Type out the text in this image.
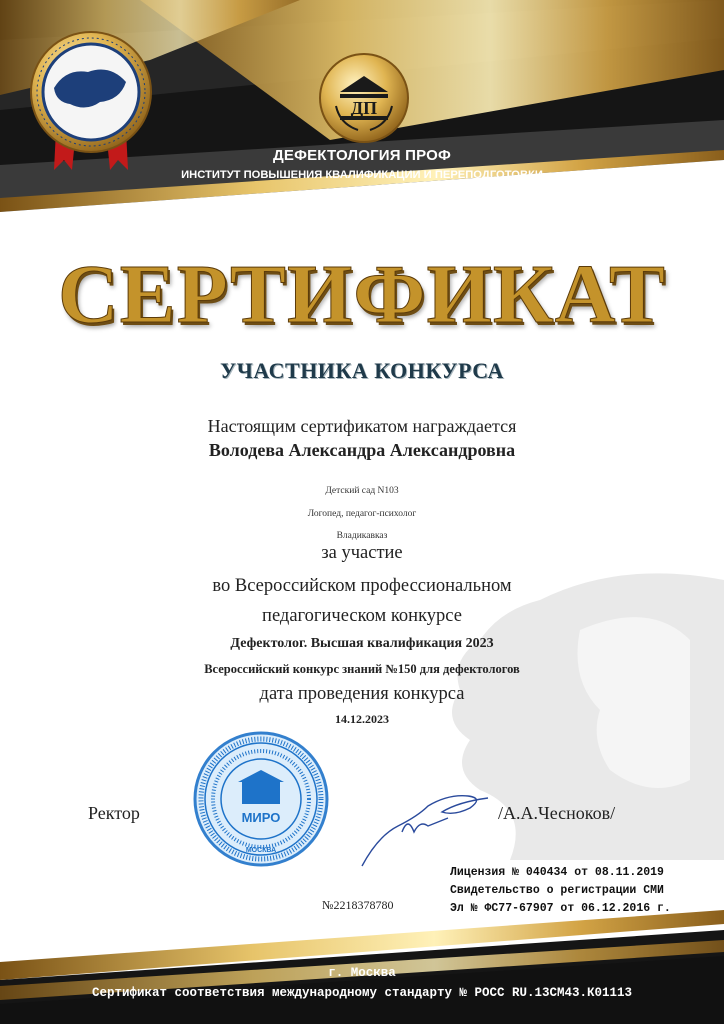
ДП
ДЕФЕКТОЛОГИЯ ПРОФ
ИНСТИТУТ ПОВЫШЕНИЯ КВАЛИФИКАЦИИ И ПЕРЕПОДГОТОВКИ
СЕРТИФИКАТ
УЧАСТНИКА КОНКУРСА
Настоящим сертификатом награждается
Володева Александра Александровна
Детский сад N103
Логопед, педагог-психолог
Владикавказ
за участие
во Всероссийском профессиональном
педагогическом конкурсе
Дефектолог. Высшая квалификация 2023
Всероссийский конкурс знаний №150 для дефектологов
дата проведения конкурса
14.12.2023
МИРО
МОСКВА
Ректор	/А.А.Чесноков/
Лицензия № 040434 от 08.11.2019
Свидетельство о регистрации СМИ
Эл № ФС77-67907 от 06.12.2016 г.
№2218378780
г. Москва
Сертификат соответствия международному стандарту № РОСС RU.13СМ43.К01113
